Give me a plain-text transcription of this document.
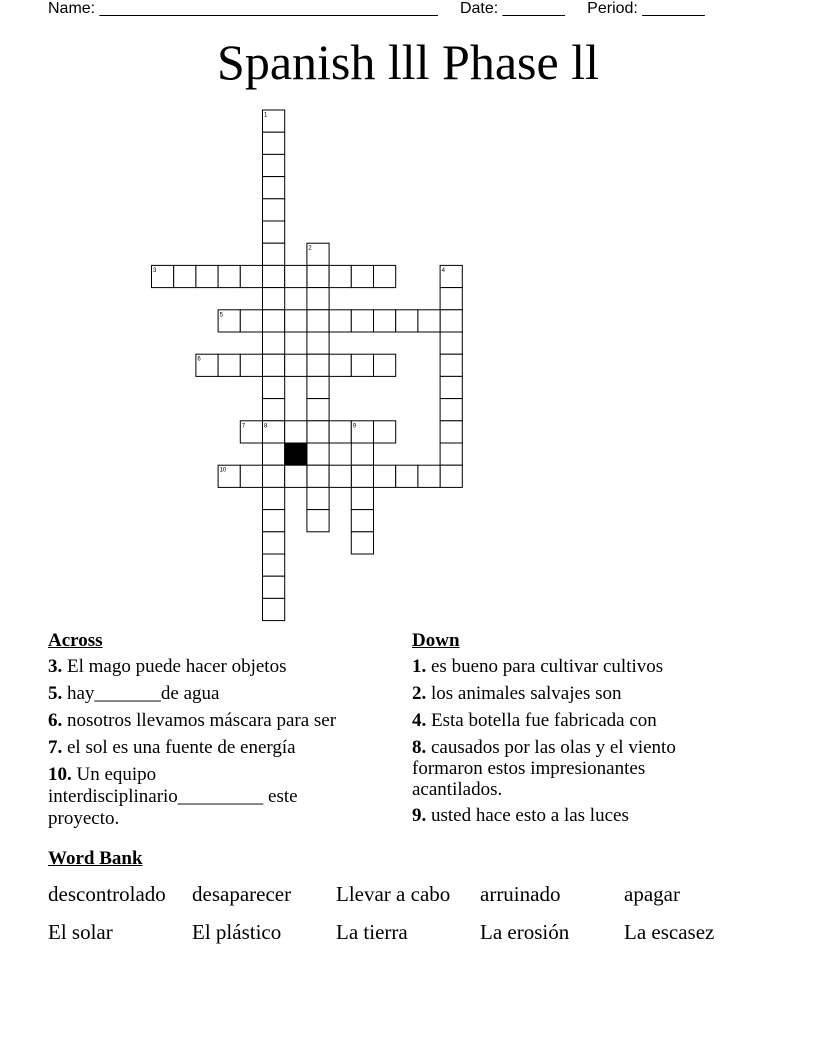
Name: ______________________________________ Date: _______ Period: _______
Spanish lll Phase ll
1
2
3	4
5
6
7	8	9
10
Across
3. El mago puede hacer objetos
5. hay_______de agua
6. nosotros llevamos máscara para ser
7. el sol es una fuente de energía
10. Un equipo interdisciplinario_________ este proyecto.
Down
1. es bueno para cultivar cultivos
2. los animales salvajes son
4. Esta botella fue fabricada con
8. causados por las olas y el viento formaron estos impresionantes acantilados.
9. usted hace esto a las luces
Word Bank
descontrolado	desaparecer	Llevar a cabo	arruinado	apagar
El solar	El plástico	La tierra	La erosión	La escasez
